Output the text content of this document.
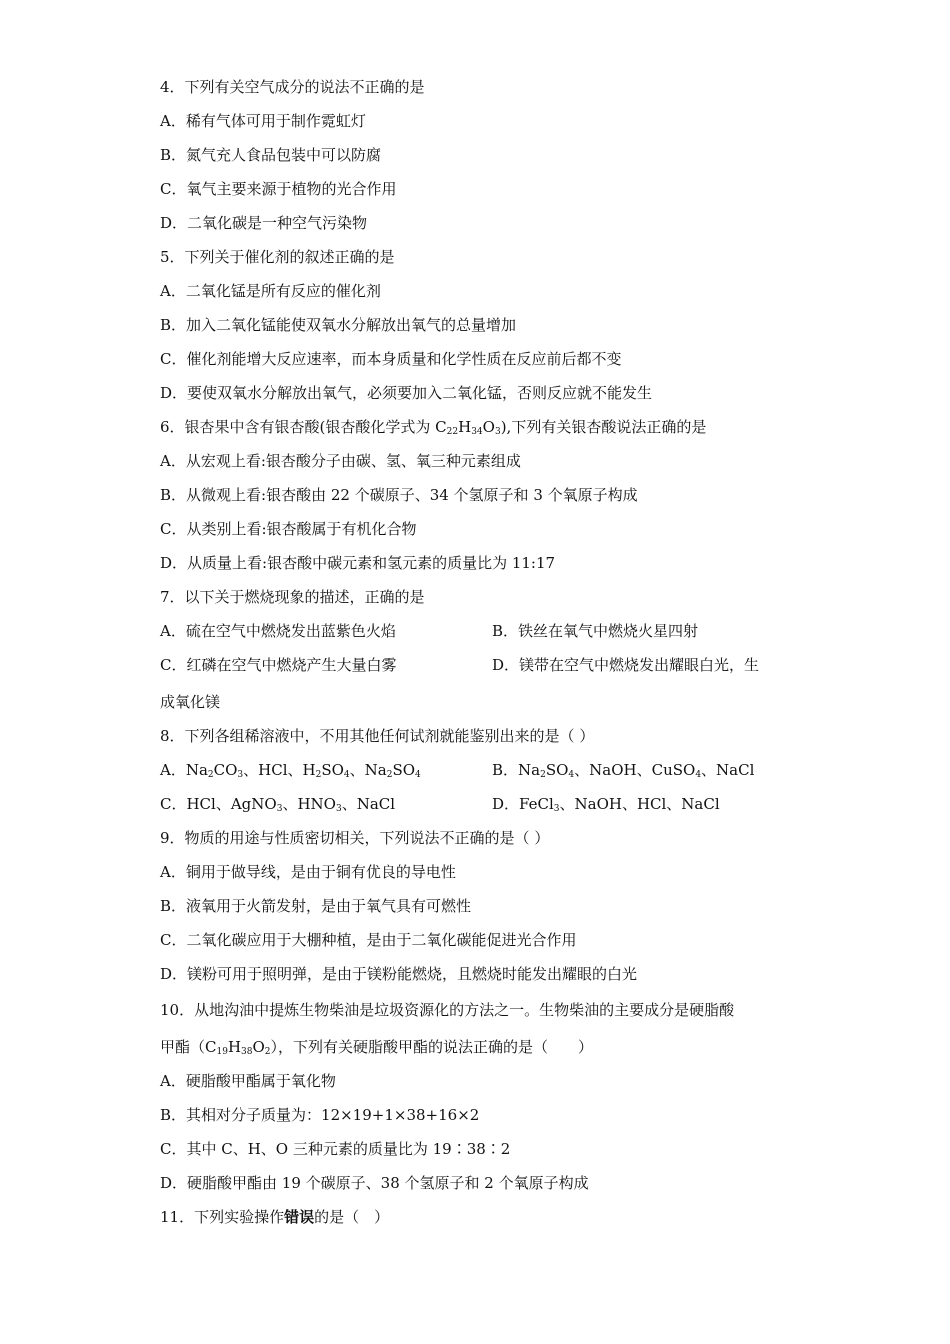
4．下列有关空气成分的说法不正确的是
A．稀有气体可用于制作霓虹灯
B．氮气充人食品包装中可以防腐
C．氧气主要来源于植物的光合作用
D．二氧化碳是一种空气污染物
5．下列关于催化剂的叙述正确的是
A．二氧化锰是所有反应的催化剂
B．加入二氧化锰能使双氧水分解放出氧气的总量增加
C．催化剂能增大反应速率，而本身质量和化学性质在反应前后都不变
D．要使双氧水分解放出氧气，必须要加入二氧化锰，否则反应就不能发生
6．银杏果中含有银杏酸(银杏酸化学式为 $C_{22}H_{34}O_3$),下列有关银杏酸说法正确的是
A．从宏观上看:银杏酸分子由碳、氢、氧三种元素组成
B．从微观上看:银杏酸由 22 个碳原子、34 个氢原子和 3 个氧原子构成
C．从类别上看:银杏酸属于有机化合物
D．从质量上看:银杏酸中碳元素和氢元素的质量比为 11:17
7．以下关于燃烧现象的描述，正确的是
A．硫在空气中燃烧发出蓝紫色火焰	B．铁丝在氧气中燃烧火星四射
C．红磷在空气中燃烧产生大量白雾	D．镁带在空气中燃烧发出耀眼白光，生
成氧化镁
8．下列各组稀溶液中，不用其他任何试剂就能鉴别出来的是（ ）
A．$Na_2CO_3$、HCl、$H_2SO_4$、$Na_2SO_4$	B．$Na_2SO_4$、NaOH、CuSO$_4$、NaCl
C．HCl、AgNO$_3$、$HNO_3$、NaCl	D．FeCl$_3$、NaOH、HCl、NaCl
9．物质的用途与性质密切相关，下列说法不正确的是（ ）
A．铜用于做导线，是由于铜有优良的导电性
B．液氧用于火箭发射，是由于氧气具有可燃性
C．二氧化碳应用于大棚种植，是由于二氧化碳能促进光合作用
D．镁粉可用于照明弹，是由于镁粉能燃烧，且燃烧时能发出耀眼的白光
10．从地沟油中提炼生物柴油是垃圾资源化的方法之一。生物柴油的主要成分是硬脂酸
甲酯$(C_{19}H_{38}O_2)$，下列有关硬脂酸甲酯的说法正确的是（　　）
A．硬脂酸甲酯属于氧化物
B．其相对分子质量为：12×19+1×38+16×2
C．其中 C、H、O 三种元素的质量比为 19∶38∶2
D．硬脂酸甲酯由 19 个碳原子、38 个氢原子和 2 个氧原子构成
11．下列实验操作错误的是（　）
